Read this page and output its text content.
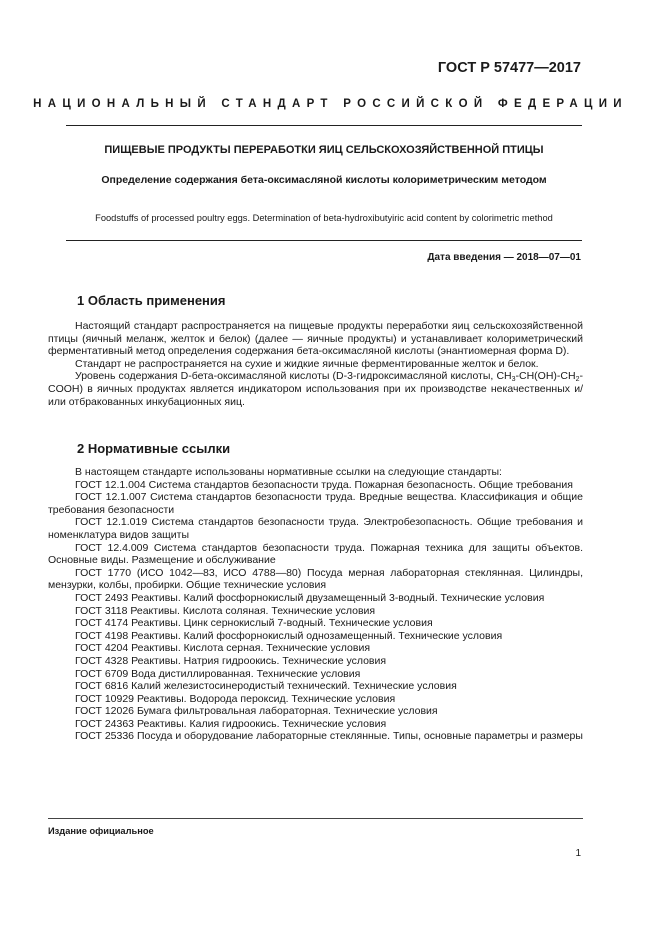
ГОСТ Р 57477—2017
НАЦИОНАЛЬНЫЙ СТАНДАРТ РОССИЙСКОЙ ФЕДЕРАЦИИ
ПИЩЕВЫЕ ПРОДУКТЫ ПЕРЕРАБОТКИ ЯИЦ СЕЛЬСКОХОЗЯЙСТВЕННОЙ ПТИЦЫ
Определение содержания бета-оксимасляной кислоты колориметрическим методом
Foodstuffs of processed poultry eggs. Determination of beta-hydroxibutyiric acid content by colorimetric method
Дата введения — 2018—07—01
1 Область применения

Настоящий стандарт распространяется на пищевые продукты переработки яиц сельскохозяйственной птицы (яичный меланж, желток и белок) (далее — яичные продукты) и устанавливает колориметрический ферментативный метод определения содержания бета-оксимасляной кислоты (энантиомерная форма D).

Стандарт не распространяется на сухие и жидкие яичные ферментированные желток и белок.

Уровень содержания D-бета-оксимасляной кислоты (D-3-гидроксимасляной кислоты, $CH_3-CH(OH)-CH_2-COOH$) в яичных продуктах является индикатором использования при их производстве некачественных и/или отбракованных инкубационных яиц.

2 Нормативные ссылки

В настоящем стандарте использованы нормативные ссылки на следующие стандарты:

ГОСТ 12.1.004 Система стандартов безопасности труда. Пожарная безопасность. Общие требования

ГОСТ 12.1.007 Система стандартов безопасности труда. Вредные вещества. Классификация и общие требования безопасности

ГОСТ 12.1.019 Система стандартов безопасности труда. Электробезопасность. Общие требования и номенклатура видов защиты

ГОСТ 12.4.009 Система стандартов безопасности труда. Пожарная техника для защиты объектов. Основные виды. Размещение и обслуживание

ГОСТ 1770 (ИСО 1042—83, ИСО 4788—80) Посуда мерная лабораторная стеклянная. Цилиндры, мензурки, колбы, пробирки. Общие технические условия

ГОСТ 2493 Реактивы. Калий фосфорнокислый двузамещенный 3-водный. Технические условия

ГОСТ 3118 Реактивы. Кислота соляная. Технические условия

ГОСТ 4174 Реактивы. Цинк сернокислый 7-водный. Технические условия

ГОСТ 4198 Реактивы. Калий фосфорнокислый однозамещенный. Технические условия

ГОСТ 4204 Реактивы. Кислота серная. Технические условия

ГОСТ 4328 Реактивы. Натрия гидроокись. Технические условия

ГОСТ 6709 Вода дистиллированная. Технические условия

ГОСТ 6816 Калий железистосинеродистый технический. Технические условия

ГОСТ 10929 Реактивы. Водорода пероксид. Технические условия

ГОСТ 12026 Бумага фильтровальная лабораторная. Технические условия

ГОСТ 24363 Реактивы. Калия гидроокись. Технические условия

ГОСТ 25336 Посуда и оборудование лабораторные стеклянные. Типы, основные параметры и размеры

Издание официальное
1
